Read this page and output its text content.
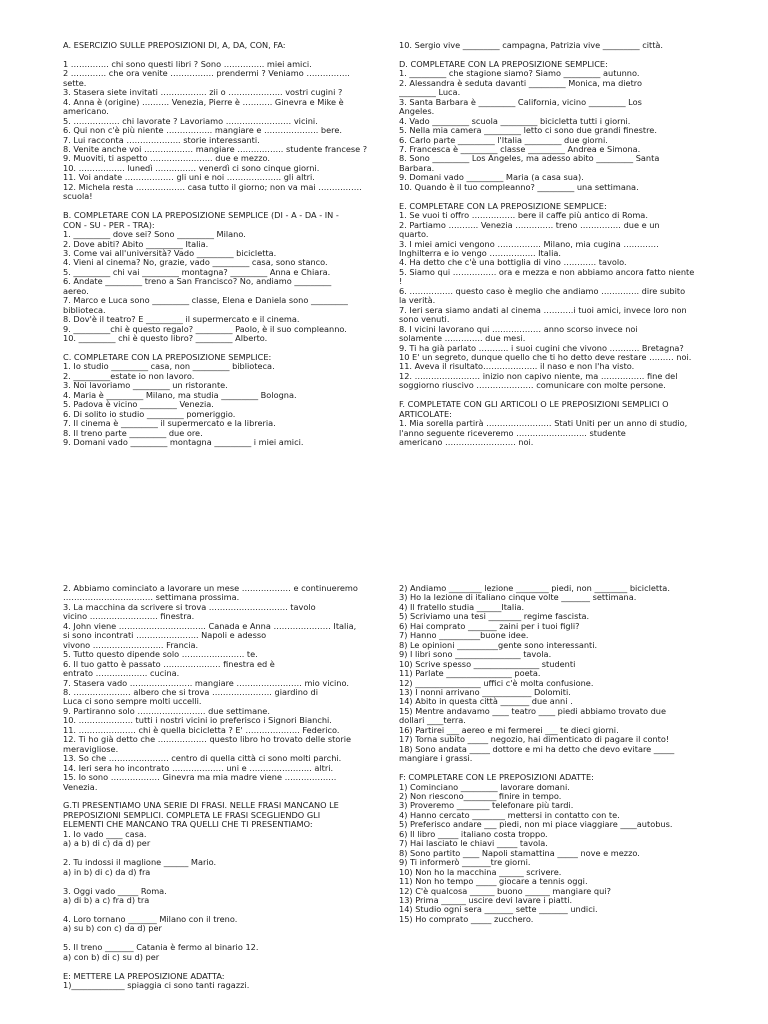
A. ESERCIZIO SULLE PREPOSIZIONI DI, A, DA, CON, FA:

1 ………….. chi sono questi libri ? Sono …………... miei amici.
2 …………. che ora venite ……………. prendermi ? Veniamo …………….
sette.
3. Stasera siete invitati …………….. zii o ……………….. vostri cugini ?
4. Anna è (origine) ………. Venezia, Pierre è ……….. Ginevra e Mike è
americano.
5. …………….. chi lavorate ? Lavoriamo …………………… vicini.
6. Qui non c'è più niente …………….. mangiare e ……………….. bere.
7. Lui racconta ……………….. storie interessanti.
8. Venite anche voi ……………… mangiare …………….. studente francese ?
9. Muoviti, ti aspetto ………………….. due e mezzo.
10. …………….. lunedì …………… venerdì ci sono cinque giorni.
11. Voi andate ……………… gli uni e noi ……………….. gli altri.
12. Michela resta ……………… casa tutto il giorno; non va mai …………….
scuola!

B. COMPLETARE CON LA PREPOSIZIONE SEMPLICE (DI - A - DA - IN -
CON - SU - PER - TRA):
1. _________ dove sei? Sono _________ Milano.
2. Dove abiti? Abito _________ Italia.
3. Come vai all'università? Vado _________ bicicletta.
4. Vieni al cinema? No, grazie, vado _________ casa, sono stanco.
5. _________ chi vai _________ montagna? _________ Anna e Chiara.
6. Andate _________ treno a San Francisco? No, andiamo _________
aereo.
7. Marco e Luca sono _________ classe, Elena e Daniela sono _________
biblioteca.
8. Dov'è il teatro? E _________ il supermercato e il cinema.
9. _________chi è questo regalo? _________ Paolo, è il suo compleanno.
10. _________ chi è questo libro? _________ Alberto.

C. COMPLETARE CON LA PREPOSIZIONE SEMPLICE:
1. Io studio _________ casa, non _________ biblioteca.
2. _________estate io non lavoro.
3. Noi lavoriamo _________ un ristorante.
4. Maria è _________ Milano, ma studia _________ Bologna.
5. Padova è vicino _________ Venezia.
6. Di solito io studio _________ pomeriggio.
7. Il cinema è _________ il supermercato e la libreria.
8. Il treno parte _________ due ore.
9. Domani vado _________ montagna _________ i miei amici.
10. Sergio vive _________ campagna, Patrizia vive _________ città.

D. COMPLETARE CON LA PREPOSIZIONE SEMPLICE:
1. _________ che stagione siamo? Siamo _________ autunno.
2. Alessandra è seduta davanti _________ Monica, ma dietro
_________ Luca.
3. Santa Barbara è _________ California, vicino _________ Los
Angeles.
4. Vado _________ scuola _________ bicicletta tutti i giorni.
5. Nella mia camera _________ letto ci sono due grandi finestre.
6. Carlo parte _________ l'Italia _________ due giorni.
7. Francesca è _________ classe _________ Andrea e Simona.
8. Sono _________ Los Angeles, ma adesso abito _________ Santa
Barbara.
9. Domani vado _________ Maria (a casa sua).
10. Quando è il tuo compleanno? _________ una settimana.

E. COMPLETARE CON LA PREPOSIZIONE SEMPLICE:
1. Se vuoi ti offro ……………. bere il caffe più antico di Roma.
2. Partiamo ……….. Venezia ………….. treno …………… due e un
quarto.
3. I miei amici vengono ……………. Milano, mia cugina ………….
Inghilterra e io vengo …………….. Italia.
4. Ha detto che c'è una bottiglia di vino ………… tavolo.
5. Siamo qui ……………. ora e mezza e non abbiamo ancora fatto niente
!
6. ……………. questo caso è meglio che andiamo ………….. dire subito
la verità.
7. Ieri sera siamo andati al cinema ………..i tuoi amici, invece loro non
sono venuti.
8. I vicini lavorano qui ……………… anno scorso invece noi
solamente ………….. due mesi.
9. Ti ha già parlato ……….. i suoi cugini che vivono ……….. Bretagna?
10 E' un segreto, dunque quello che ti ho detto deve restare ……… noi.
11. Aveva il risultato……………….. il naso e non l'ha visto.
12. …………………… inizio non capivo niente, ma ……………. fine del
soggiorno riuscivo ………………… comunicare con molte persone.

F. COMPLETATE CON GLI ARTICOLI O LE PREPOSIZIONI SEMPLICI O
ARTICOLATE:
1. Mia sorella partirà …………………… Stati Uniti per un anno di studio,
l'anno seguente riceveremo …………………….. studente
americano …………………….. noi.
2. Abbiamo cominciato a lavorare un mese ……………… e continueremo
…………………………… settimana prossima.
3. La macchina da scrivere si trova ……………………….. tavolo
vicino ……………………. finestra.
4. John viene ………………………….. Canada e Anna ………………… Italia,
si sono incontrati ………………….. Napoli e adesso
vivono …………………….. Francia.
5. Tutto questo dipende solo ………………….. te.
6. Il tuo gatto è passato ………………… finestra ed è
entrato ………………. cucina.
7. Stasera vado ………………….. mangiare …………………… mio vicino.
8. ………………… albero che si trova …………………. giardino di
Luca ci sono sempre molti uccelli.
9. Partiranno solo ……………………. due settimane.
10. ……………….. tutti i nostri vicini io preferisco i Signori Bianchi.
11. ………………… chi è quella bicicletta ? E' ……………….. Federico.
12. Ti ho già detto che ……………… questo libro ho trovato delle storie
meravigliose.
13. So che …………………. centro di quella città ci sono molti parchi.
14. Ieri sera ho incontrato ………………. uni e ………………….. altri.
15. Io sono ……………… Ginevra ma mia madre viene ……………….
Venezia.

G.TI PRESENTIAMO UNA SERIE DI FRASI. NELLE FRASI MANCANO LE
PREPOSIZIONI SEMPLICI. COMPLETA LE FRASI SCEGLIENDO GLI
ELEMENTI CHE MANCANO TRA QUELLI CHE TI PRESENTIAMO:
1. Io vado ____ casa.
a) a b) di c) da d) per

2. Tu indossi il maglione ______ Mario.
a) in b) di c) da d) fra

3. Oggi vado _____ Roma.
a) di b) a c) fra d) tra

4. Loro tornano _______ Milano con il treno.
a) su b) con c) da d) per

5. Il treno _______ Catania è fermo al binario 12.
a) con b) di c) su d) per

E: METTERE LA PREPOSIZIONE ADATTA:
1)_____________ spiaggia ci sono tanti ragazzi.
2) Andiamo ________ lezione ________ piedi, non ________ bicicletta.
3) Ho la lezione di italiano cinque volte _______ settimana.
4) Il fratello studia ______Italia.
5) Scriviamo una tesi ________ regime fascista.
6) Hai comprato _______ zaini per i tuoi figli?
7) Hanno __________buone idee.
8) Le opinioni __________gente sono interessanti.
9) I libri sono ________________ tavola.
10) Scrive spesso ________________ studenti
11) Parlate ________________ poeta.
12) ________________ uffici c'è molta confusione.
13) I nonni arrivano ____________ Dolomiti.
14) Abito in questa città _______ due anni .
15) Mentre andavamo ____ teatro ____ piedi abbiamo trovato due
dollari ____terra.
16) Partirei ___ aereo e mi fermerei ___ te dieci giorni.
17) Torna subito _____ negozio, hai dimenticato di pagare il conto!
18) Sono andata _____ dottore e mi ha detto che devo evitare _____
mangiare i grassi.

F: COMPLETARE CON LE PREPOSIZIONI ADATTE:
1) Cominciano _________ lavorare domani.
2) Non riescono________ finire in tempo.
3) Proveremo ________ telefonare più tardi.
4) Hanno cercato ________ mettersi in contatto con te.
5) Preferisco andare ___ piedi, non mi piace viaggiare ____autobus.
6) Il libro _____ italiano costa troppo.
7) Hai lasciato le chiavi _____ tavola.
8) Sono partito ____ Napoli stamattina _____ nove e mezzo.
9) Ti informerò _______tre giorni.
10) Non ho la macchina ______ scrivere.
11) Non ho tempo _____ giocare a tennis oggi.
12) C'è qualcosa ______ buono ______ mangiare qui?
13) Prima ______ uscire devi lavare i piatti.
14) Studio ogni sera _______ sette _______ undici.
15) Ho comprato _____ zucchero.
